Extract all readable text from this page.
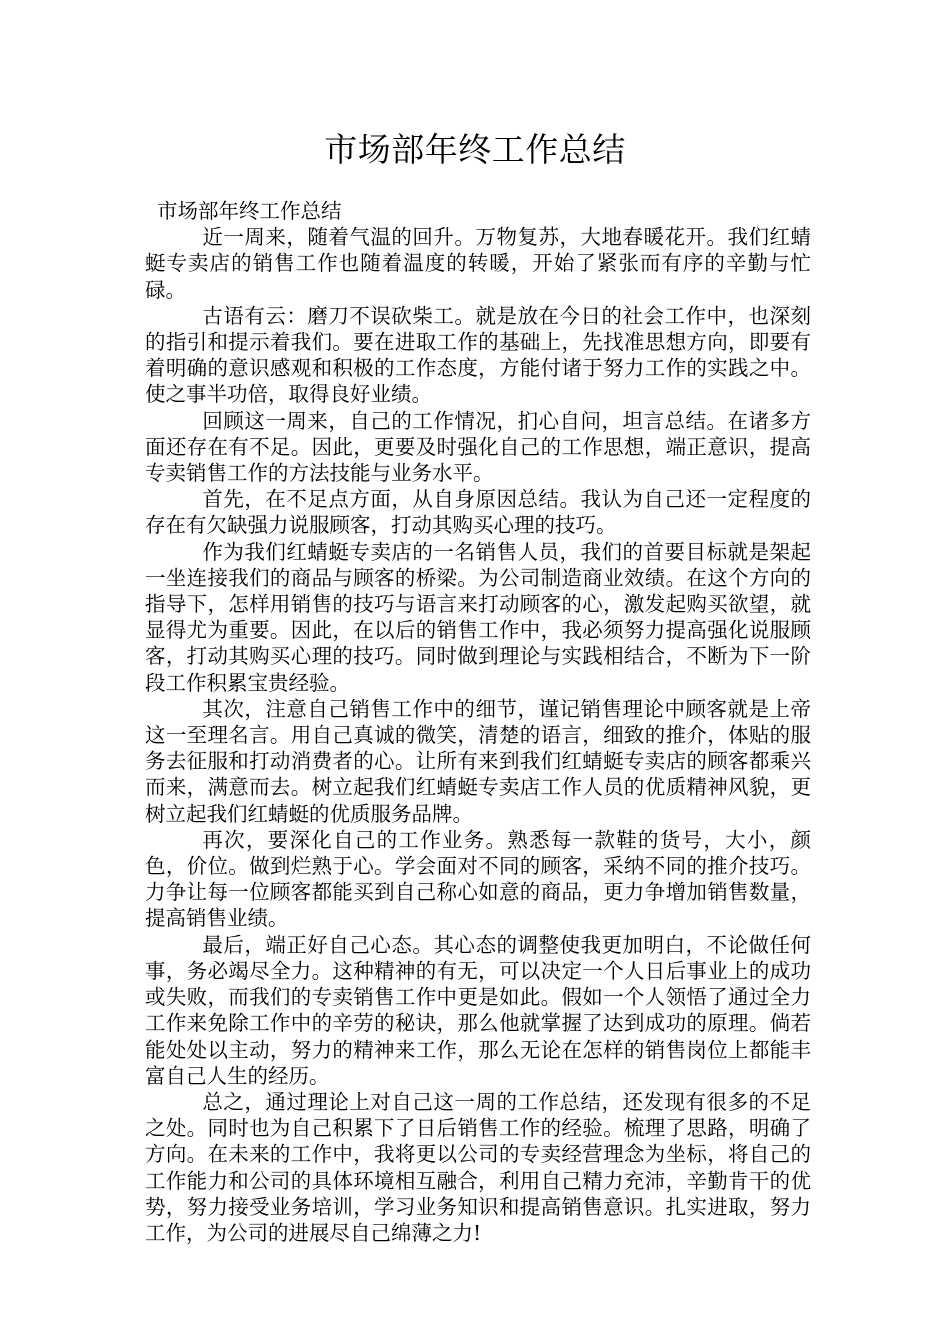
市场部年终工作总结

市场部年终工作总结

近一周来，随着气温的回升。万物复苏，大地春暖花开。我们红蜻蜓专卖店的销售工作也随着温度的转暖，开始了紧张而有序的辛勤与忙碌。

古语有云：磨刀不误砍柴工。就是放在今日的社会工作中，也深刻的指引和提示着我们。要在进取工作的基础上，先找准思想方向，即要有着明确的意识感观和积极的工作态度，方能付诸于努力工作的实践之中。使之事半功倍，取得良好业绩。

回顾这一周来，自己的工作情况，扪心自问，坦言总结。在诸多方面还存在有不足。因此，更要及时强化自己的工作思想，端正意识，提高专卖销售工作的方法技能与业务水平。

首先，在不足点方面，从自身原因总结。我认为自己还一定程度的存在有欠缺强力说服顾客，打动其购买心理的技巧。

作为我们红蜻蜓专卖店的一名销售人员，我们的首要目标就是架起一坐连接我们的商品与顾客的桥梁。为公司制造商业效绩。在这个方向的指导下，怎样用销售的技巧与语言来打动顾客的心，激发起购买欲望，就显得尤为重要。因此，在以后的销售工作中，我必须努力提高强化说服顾客，打动其购买心理的技巧。同时做到理论与实践相结合，不断为下一阶段工作积累宝贵经验。

其次，注意自己销售工作中的细节，谨记销售理论中顾客就是上帝这一至理名言。用自己真诚的微笑，清楚的语言，细致的推介，体贴的服务去征服和打动消费者的心。让所有来到我们红蜻蜓专卖店的顾客都乘兴而来，满意而去。树立起我们红蜻蜓专卖店工作人员的优质精神风貌，更树立起我们红蜻蜓的优质服务品牌。

再次，要深化自己的工作业务。熟悉每一款鞋的货号，大小，颜色，价位。做到烂熟于心。学会面对不同的顾客，采纳不同的推介技巧。力争让每一位顾客都能买到自己称心如意的商品，更力争增加销售数量，提高销售业绩。

最后，端正好自己心态。其心态的调整使我更加明白，不论做任何事，务必竭尽全力。这种精神的有无，可以决定一个人日后事业上的成功或失败，而我们的专卖销售工作中更是如此。假如一个人领悟了通过全力工作来免除工作中的辛劳的秘诀，那么他就掌握了达到成功的原理。倘若能处处以主动，努力的精神来工作，那么无论在怎样的销售岗位上都能丰富自己人生的经历。

总之，通过理论上对自己这一周的工作总结，还发现有很多的不足之处。同时也为自己积累下了日后销售工作的经验。梳理了思路，明确了方向。在未来的工作中，我将更以公司的专卖经营理念为坐标，将自己的工作能力和公司的具体环境相互融合，利用自己精力充沛，辛勤肯干的优势，努力接受业务培训，学习业务知识和提高销售意识。扎实进取，努力工作，为公司的进展尽自己绵薄之力!
